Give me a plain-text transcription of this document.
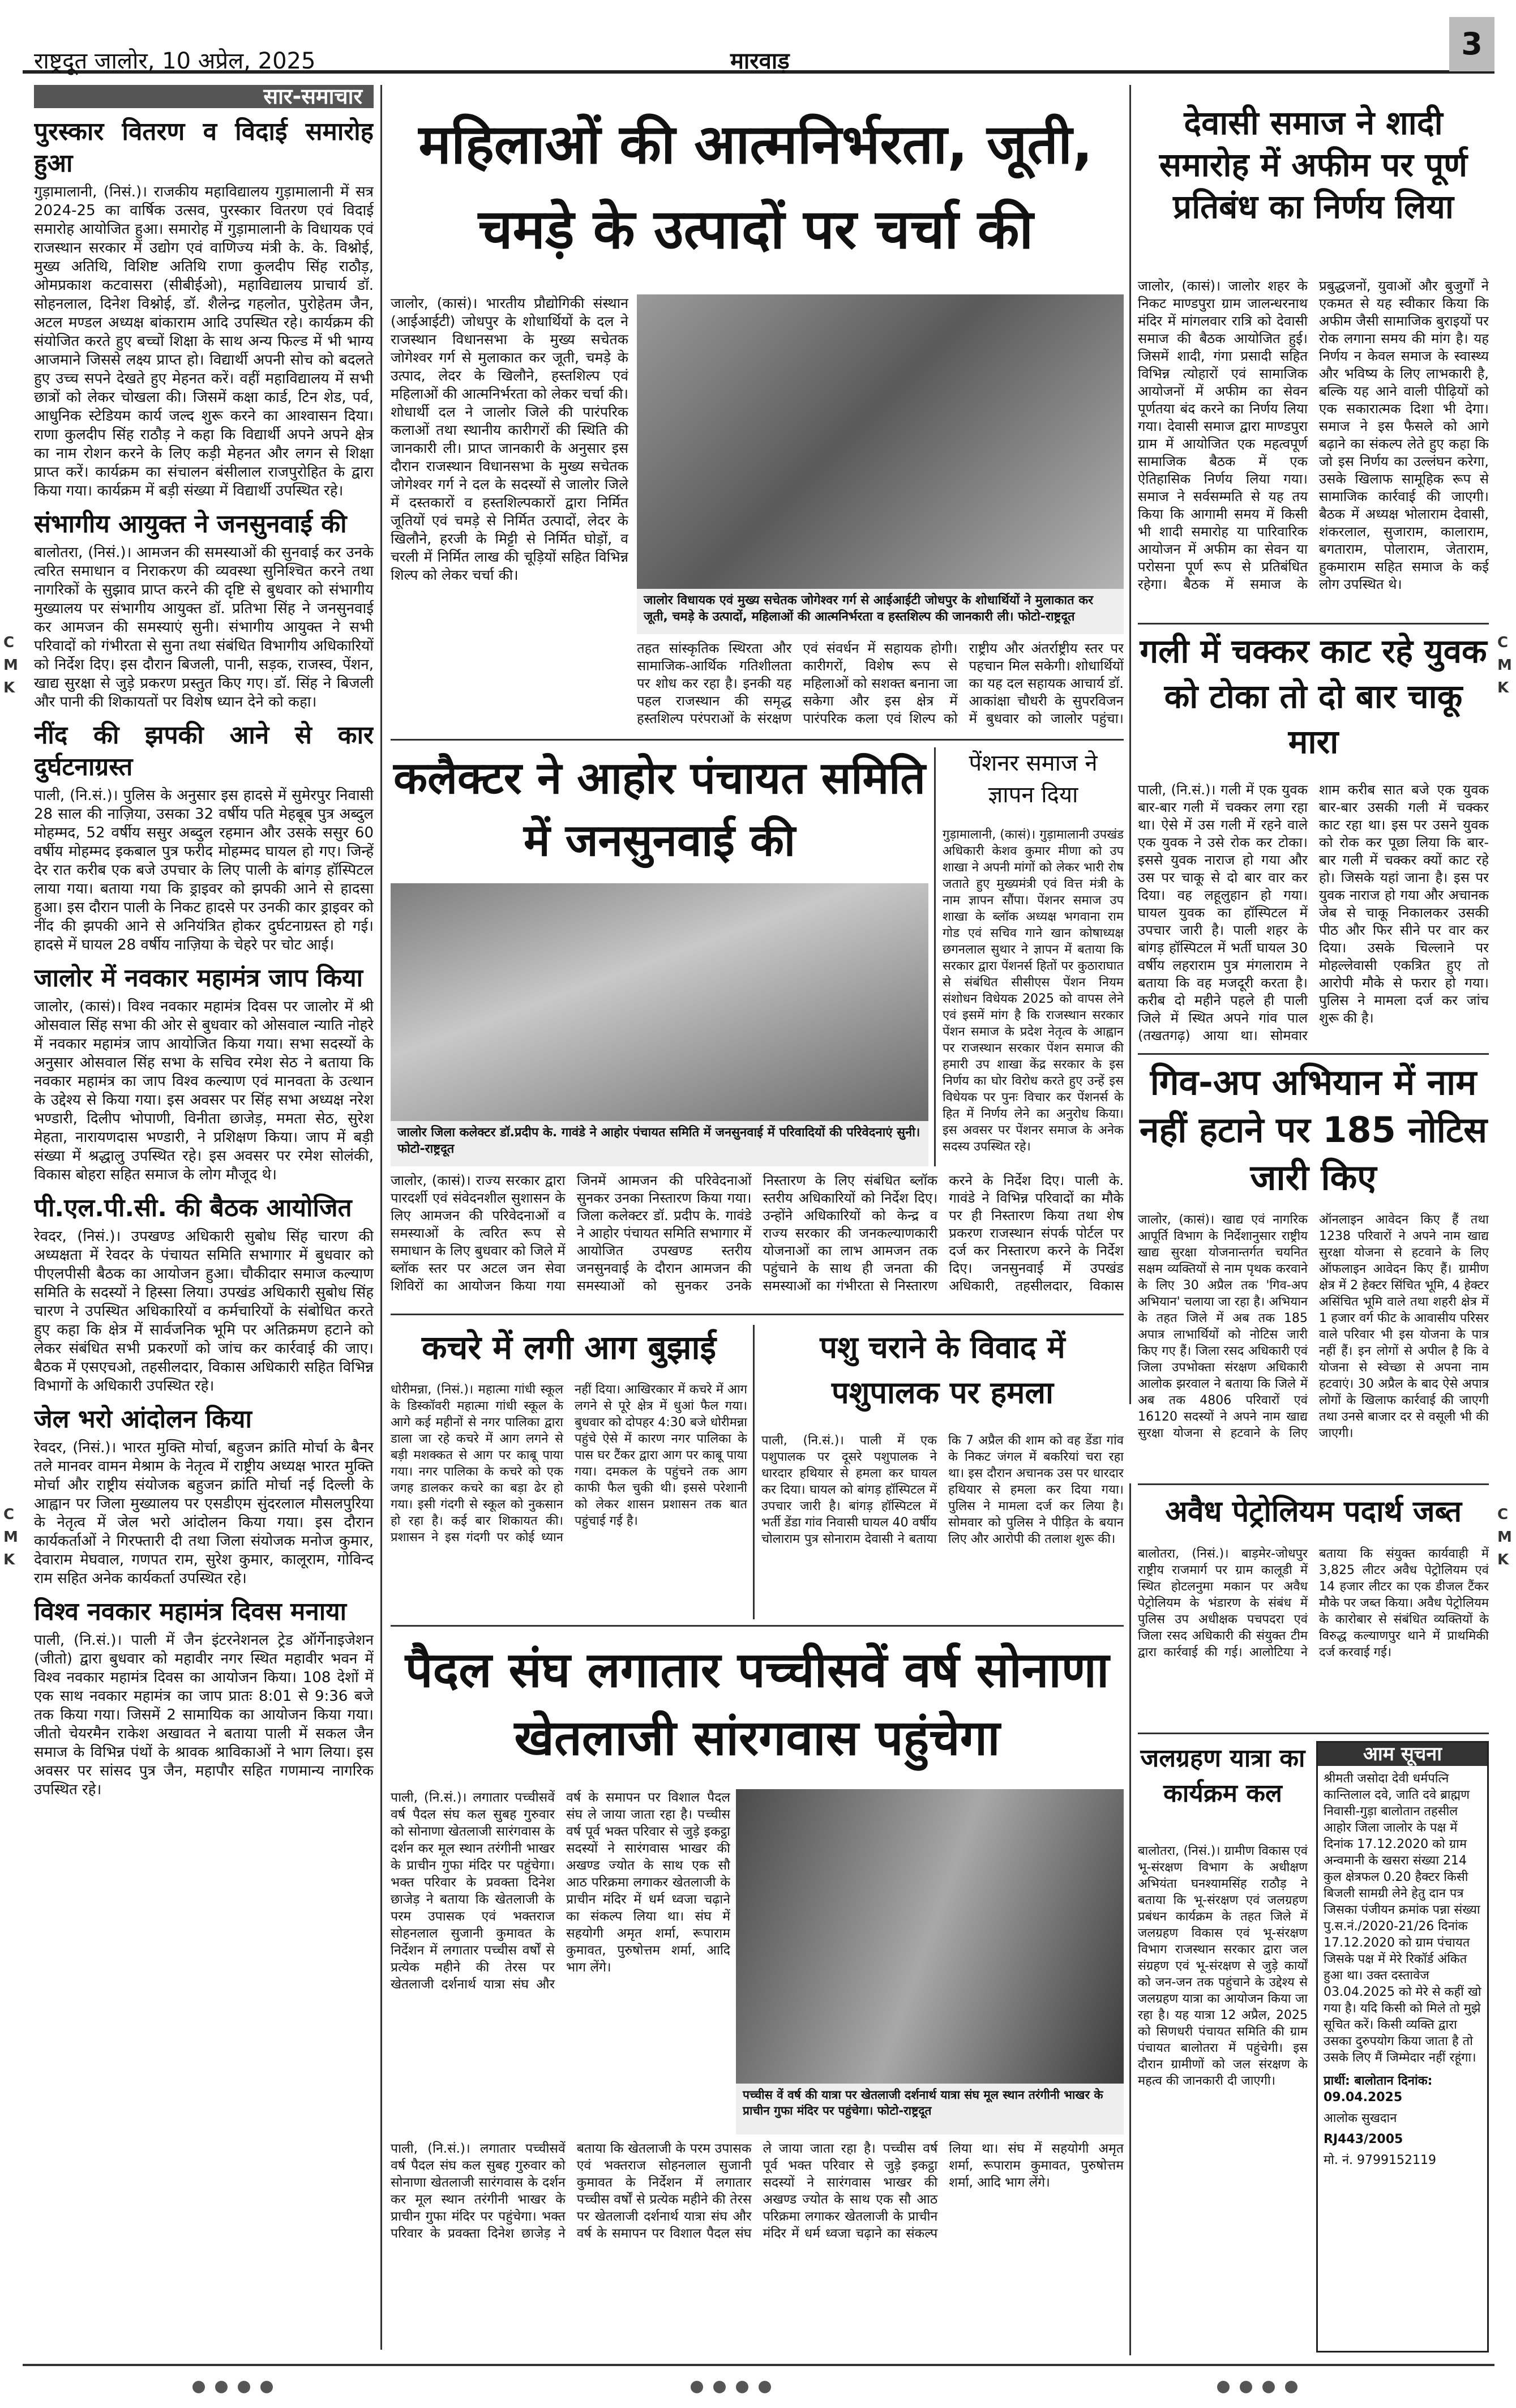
राष्ट्रदूत जालोर, 10 अप्रेल, 2025	मारवाड़	3
C
M
K
C
M
K
C
M
K
C
M
K
सार-समाचार
पुरस्कार वितरण व विदाई समारोह हुआ

गुड़ामालानी, (निसं.)। राजकीय महाविद्यालय गुड़ामालानी में सत्र 2024-25 का वार्षिक उत्सव, पुरस्कार वितरण एवं विदाई समारोह आयोजित हुआ। समारोह में गुड़ामालानी के विधायक एवं राजस्थान सरकार में उद्योग एवं वाणिज्य मंत्री के. के. विश्नोई, मुख्य अतिथि, विशिष्ट अतिथि राणा कुलदीप सिंह राठौड़, ओमप्रकाश कटवासरा (सीबीईओ), महाविद्यालय प्राचार्य डॉ. सोहनलाल, दिनेश विश्नोई, डॉ. शैलेन्द्र गहलोत, पुरोहेतम जैन, अटल मण्डल अध्यक्ष बांकाराम आदि उपस्थित रहे। कार्यक्रम की संयोजित करते हुए बच्चों शिक्षा के साथ अन्य फिल्ड में भी भाग्य आजमाने जिससे लक्ष्य प्राप्त हो। विद्यार्थी अपनी सोच को बदलते हुए उच्च सपने देखते हुए मेहनत करें। वहीं महाविद्यालय में सभी छात्रों को लेकर चोखला की। जिसमें कक्षा कार्ड, टिन शेड, पर्व, आधुनिक स्टेडियम कार्य जल्द शुरू करने का आश्वासन दिया। राणा कुलदीप सिंह राठौड़ ने कहा कि विद्यार्थी अपने अपने क्षेत्र का नाम रोशन करने के लिए कड़ी मेहनत और लगन से शिक्षा प्राप्त करें। कार्यक्रम का संचालन बंसीलाल राजपुरोहित के द्वारा किया गया। कार्यक्रम में बड़ी संख्या में विद्यार्थी उपस्थित रहे।

संभागीय आयुक्त ने जनसुनवाई की

बालोतरा, (निसं.)। आमजन की समस्याओं की सुनवाई कर उनके त्वरित समाधान व निराकरण की व्यवस्था सुनिश्चित करने तथा नागरिकों के सुझाव प्राप्त करने की दृष्टि से बुधवार को संभागीय मुख्यालय पर संभागीय आयुक्त डॉ. प्रतिभा सिंह ने जनसुनवाई कर आमजन की समस्याएं सुनी। संभागीय आयुक्त ने सभी परिवादों को गंभीरता से सुना तथा संबंधित विभागीय अधिकारियों को निर्देश दिए। इस दौरान बिजली, पानी, सड़क, राजस्व, पेंशन, खाद्य सुरक्षा से जुड़े प्रकरण प्रस्तुत किए गए। डॉ. सिंह ने बिजली और पानी की शिकायतों पर विशेष ध्यान देने को कहा।

नींद की झपकी आने से कार दुर्घटनाग्रस्त

पाली, (नि.सं.)। पुलिस के अनुसार इस हादसे में सुमेरपुर निवासी 28 साल की नाज़िया, उसका 32 वर्षीय पति मेहबूब पुत्र अब्दुल मोहम्मद, 52 वर्षीय ससुर अब्दुल रहमान और उसके ससुर 60 वर्षीय मोहम्मद इकबाल पुत्र फरीद मोहम्मद घायल हो गए। जिन्हें देर रात करीब एक बजे उपचार के लिए पाली के बांगड़ हॉस्पिटल लाया गया। बताया गया कि ड्राइवर को झपकी आने से हादसा हुआ। इस दौरान पाली के निकट हादसे पर उनकी कार ड्राइवर को नींद की झपकी आने से अनियंत्रित होकर दुर्घटनाग्रस्त हो गई। हादसे में घायल 28 वर्षीय नाज़िया के चेहरे पर चोट आई।

जालोर में नवकार महामंत्र जाप किया

जालोर, (कासं)। विश्व नवकार महामंत्र दिवस पर जालोर में श्री ओसवाल सिंह सभा की ओर से बुधवार को ओसवाल न्याति नोहरे में नवकार महामंत्र जाप आयोजित किया गया। सभा सदस्यों के अनुसार ओसवाल सिंह सभा के सचिव रमेश सेठ ने बताया कि नवकार महामंत्र का जाप विश्व कल्याण एवं मानवता के उत्थान के उद्देश्य से किया गया। इस अवसर पर सिंह सभा अध्यक्ष नरेश भण्डारी, दिलीप भोपाणी, विनीता छाजेड़, ममता सेठ, सुरेश मेहता, नारायणदास भण्डारी, ने प्रशिक्षण किया। जाप में बड़ी संख्या में श्रद्धालु उपस्थित रहे। इस अवसर पर रमेश सोलंकी, विकास बोहरा सहित समाज के लोग मौजूद थे।

पी.एल.पी.सी. की बैठक आयोजित

रेवदर, (निसं.)। उपखण्ड अधिकारी सुबोध सिंह चारण की अध्यक्षता में रेवदर के पंचायत समिति सभागार में बुधवार को पीएलपीसी बैठक का आयोजन हुआ। चौकीदार समाज कल्याण समिति के सदस्यों ने हिस्सा लिया। उपखंड अधिकारी सुबोध सिंह चारण ने उपस्थित अधिकारियों व कर्मचारियों के संबोधित करते हुए कहा कि क्षेत्र में सार्वजनिक भूमि पर अतिक्रमण हटाने को लेकर संबंधित सभी प्रकरणों को जांच कर कार्रवाई की जाए। बैठक में एसएचओ, तहसीलदार, विकास अधिकारी सहित विभिन्न विभागों के अधिकारी उपस्थित रहे।

जेल भरो आंदोलन किया

रेवदर, (निसं.)। भारत मुक्ति मोर्चा, बहुजन क्रांति मोर्चा के बैनर तले मानवर वामन मेश्राम के नेतृत्व में राष्ट्रीय अध्यक्ष भारत मुक्ति मोर्चा और राष्ट्रीय संयोजक बहुजन क्रांति मोर्चा नई दिल्ली के आह्वान पर जिला मुख्यालय पर एसडीएम सुंदरलाल मौसलपुरिया के नेतृत्व में जेल भरो आंदोलन किया गया। इस दौरान कार्यकर्ताओं ने गिरफ्तारी दी तथा जिला संयोजक मनोज कुमार, देवाराम मेघवाल, गणपत राम, सुरेश कुमार, कालूराम, गोविन्द राम सहित अनेक कार्यकर्ता उपस्थित रहे।

विश्व नवकार महामंत्र दिवस मनाया

पाली, (नि.सं.)। पाली में जैन इंटरनेशनल ट्रेड ऑर्गेनाइजेशन (जीतो) द्वारा बुधवार को महावीर नगर स्थित महावीर भवन में विश्व नवकार महामंत्र दिवस का आयोजन किया। 108 देशों में एक साथ नवकार महामंत्र का जाप प्रातः 8:01 से 9:36 बजे तक किया गया। जिसमें 2 सामायिक का आयोजन किया गया। जीतो चेयरमैन राकेश अखावत ने बताया पाली में सकल जैन समाज के विभिन्न पंथों के श्रावक श्राविकाओं ने भाग लिया। इस अवसर पर सांसद पुत्र जैन, महापौर सहित गणमान्य नागरिक उपस्थित रहे।

महिलाओं की आत्मनिर्भरता, जूती, चमड़े के उत्पादों पर चर्चा की
जालोर, (कासं)। भारतीय प्रौद्योगिकी संस्थान (आईआईटी) जोधपुर के शोधार्थियों के दल ने राजस्थान विधानसभा के मुख्य सचेतक जोगेश्वर गर्ग से मुलाकात कर जूती, चमड़े के उत्पाद, लेदर के खिलौने, हस्तशिल्प एवं महिलाओं की आत्मनिर्भरता को लेकर चर्चा की। शोधार्थी दल ने जालोर जिले की पारंपरिक कलाओं तथा स्थानीय कारीगरों की स्थिति की जानकारी ली। प्राप्त जानकारी के अनुसार इस दौरान राजस्थान विधानसभा के मुख्य सचेतक जोगेश्वर गर्ग ने दल के सदस्यों से जालोर जिले में दस्तकारों व हस्तशिल्पकारों द्वारा निर्मित जूतियों एवं चमड़े से निर्मित उत्पादों, लेदर के खिलौने, हरजी के मिट्टी से निर्मित घोड़ों, व चरली में निर्मित लाख की चूड़ियों सहित विभिन्न शिल्प को लेकर चर्चा की।
जालोर विधायक एवं मुख्य सचेतक जोगेश्वर गर्ग से आईआईटी जोधपुर के शोधार्थियों ने मुलाकात कर जूती, चमड़े के उत्पादों, महिलाओं की आत्मनिर्भरता व हस्तशिल्प की जानकारी ली। फोटो-राष्ट्रदूत
तहत सांस्कृतिक स्थिरता और सामाजिक-आर्थिक गतिशीलता पर शोध कर रहा है। इनकी यह पहल राजस्थान की समृद्ध हस्तशिल्प परंपराओं के संरक्षण एवं संवर्धन में सहायक होगी। कारीगरों, विशेष रूप से महिलाओं को सशक्त बनाना जा सकेगा और इस क्षेत्र में पारंपरिक कला एवं शिल्प को राष्ट्रीय और अंतर्राष्ट्रीय स्तर पर पहचान मिल सकेगी। शोधार्थियों का यह दल सहायक आचार्य डॉ. आकांक्षा चौधरी के सुपरविजन में बुधवार को जालोर पहुंचा।
देवासी समाज ने शादी समारोह में अफीम पर पूर्ण प्रतिबंध का निर्णय लिया
जालोर, (कासं)। जालोर शहर के निकट माण्डपुरा ग्राम जालन्धरनाथ मंदिर में मांगलवार रात्रि को देवासी समाज की बैठक आयोजित हुई। जिसमें शादी, गंगा प्रसादी सहित विभिन्न त्योहारों एवं सामाजिक आयोजनों में अफीम का सेवन पूर्णतया बंद करने का निर्णय लिया गया। देवासी समाज द्वारा माण्डपुरा ग्राम में आयोजित एक महत्वपूर्ण सामाजिक बैठक में एक ऐतिहासिक निर्णय लिया गया। समाज ने सर्वसम्मति से यह तय किया कि आगामी समय में किसी भी शादी समारोह या पारिवारिक आयोजन में अफीम का सेवन या परोसना पूर्ण रूप से प्रतिबंधित रहेगा। बैठक में समाज के प्रबुद्धजनों, युवाओं और बुजुर्गों ने एकमत से यह स्वीकार किया कि अफीम जैसी सामाजिक बुराइयों पर रोक लगाना समय की मांग है। यह निर्णय न केवल समाज के स्वास्थ्य और भविष्य के लिए लाभकारी है, बल्कि यह आने वाली पीढ़ियों को एक सकारात्मक दिशा भी देगा। समाज ने इस फैसले को आगे बढ़ाने का संकल्प लेते हुए कहा कि जो इस निर्णय का उल्लंघन करेगा, उसके खिलाफ सामूहिक रूप से सामाजिक कार्रवाई की जाएगी। बैठक में अध्यक्ष भोलाराम देवासी, शंकरलाल, सुजाराम, कालाराम, बगताराम, पोलाराम, जेताराम, हुकमाराम सहित समाज के कई लोग उपस्थित थे।
गली में चक्कर काट रहे युवक को टोका तो दो बार चाकू मारा
पाली, (नि.सं.)। गली में एक युवक बार-बार गली में चक्कर लगा रहा था। ऐसे में उस गली में रहने वाले एक युवक ने उसे रोक कर टोका। इससे युवक नाराज हो गया और उस पर चाकू से दो बार वार कर दिया। वह लहूलुहान हो गया। घायल युवक का हॉस्पिटल में उपचार जारी है। पाली शहर के बांगड़ हॉस्पिटल में भर्ती घायल 30 वर्षीय लहराराम पुत्र मंगलाराम ने बताया कि वह मजदूरी करता है। करीब दो महीने पहले ही पाली जिले में स्थित अपने गांव पाल (तखतगढ़) आया था। सोमवार शाम करीब सात बजे एक युवक बार-बार उसकी गली में चक्कर काट रहा था। इस पर उसने युवक को रोक कर पूछा लिया कि बार-बार गली में चक्कर क्यों काट रहे हो। जिसके यहां जाना है। इस पर युवक नाराज हो गया और अचानक जेब से चाकू निकालकर उसकी पीठ और फिर सीने पर वार कर दिया। उसके चिल्लाने पर मोहल्लेवासी एकत्रित हुए तो आरोपी मौके से फरार हो गया। पुलिस ने मामला दर्ज कर जांच शुरू की है।
गिव-अप अभियान में नाम नहीं हटाने पर 185 नोटिस जारी किए
जालोर, (कासं)। खाद्य एवं नागरिक आपूर्ति विभाग के निर्देशानुसार राष्ट्रीय खाद्य सुरक्षा योजनान्तर्गत चयनित सक्षम व्यक्तियों से नाम पृथक करवाने के लिए 30 अप्रैल तक 'गिव-अप अभियान' चलाया जा रहा है। अभियान के तहत जिले में अब तक 185 अपात्र लाभार्थियों को नोटिस जारी किए गए हैं। जिला रसद अधिकारी एवं जिला उपभोक्ता संरक्षण अधिकारी आलोक झरवाल ने बताया कि जिले में अब तक 4806 परिवारों एवं 16120 सदस्यों ने अपने नाम खाद्य सुरक्षा योजना से हटवाने के लिए ऑनलाइन आवेदन किए हैं तथा 1238 परिवारों ने अपने नाम खाद्य सुरक्षा योजना से हटवाने के लिए ऑफलाइन आवेदन किए हैं। ग्रामीण क्षेत्र में 2 हेक्टर सिंचित भूमि, 4 हेक्टर असिंचित भूमि वाले तथा शहरी क्षेत्र में 1 हजार वर्ग फीट के आवासीय परिसर वाले परिवार भी इस योजना के पात्र नहीं हैं। इन लोगों से अपील है कि वे योजना से स्वेच्छा से अपना नाम हटवाएं। 30 अप्रैल के बाद ऐसे अपात्र लोगों के खिलाफ कार्रवाई की जाएगी तथा उनसे बाजार दर से वसूली भी की जाएगी।
कलैक्टर ने आहोर पंचायत समिति में जनसुनवाई की
जालोर जिला कलेक्टर डॉ.प्रदीप के. गावंडे ने आहोर पंचायत समिति में जनसुनवाई में परिवादियों की परिवेदनाएं सुनी। फोटो-राष्ट्रदूत
जालोर, (कासं)। राज्य सरकार द्वारा पारदर्शी एवं संवेदनशील सुशासन के लिए आमजन की परिवेदनाओं व समस्याओं के त्वरित रूप से समाधान के लिए बुधवार को जिले में ब्लॉक स्तर पर अटल जन सेवा शिविरों का आयोजन किया गया जिनमें आमजन की परिवेदनाओं सुनकर उनका निस्तारण किया गया। जिला कलेक्टर डॉ. प्रदीप के. गावंडे ने आहोर पंचायत समिति सभागार में आयोजित उपखण्ड स्तरीय जनसुनवाई के दौरान आमजन की समस्याओं को सुनकर उनके निस्तारण के लिए संबंधित ब्लॉक स्तरीय अधिकारियों को निर्देश दिए। उन्होंने अधिकारियों को केन्द्र व राज्य सरकार की जनकल्याणकारी योजनाओं का लाभ आमजन तक पहुंचाने के साथ ही जनता की समस्याओं का गंभीरता से निस्तारण करने के निर्देश दिए। पाली के. गावंडे ने विभिन्न परिवादों का मौके पर ही निस्तारण किया तथा शेष प्रकरण राजस्थान संपर्क पोर्टल पर दर्ज कर निस्तारण करने के निर्देश दिए। जनसुनवाई में उपखंड अधिकारी, तहसीलदार, विकास
पेंशनर समाज ने ज्ञापन दिया
गुड़ामालानी, (कासं)। गुड़ामालानी उपखंड अधिकारी केशव कुमार मीणा को उप शाखा ने अपनी मांगों को लेकर भारी रोष जताते हुए मुख्यमंत्री एवं वित्त मंत्री के नाम ज्ञापन सौंपा। पेंशनर समाज उप शाखा के ब्लॉक अध्यक्ष भगवाना राम गोड एवं सचिव गाने खान कोषाध्यक्ष छगनलाल सुथार ने ज्ञापन में बताया कि सरकार द्वारा पेंशनर्स हितों पर कुठाराघात से संबंधित सीसीएस पेंशन नियम संशोधन विधेयक 2025 को वापस लेने एवं इसमें मांग है कि राजस्थान सरकार पेंशन समाज के प्रदेश नेतृत्व के आह्वान पर राजस्थान सरकार पेंशन समाज की हमारी उप शाखा केंद्र सरकार के इस निर्णय का घोर विरोध करते हुए उन्हें इस विधेयक पर पुनः विचार कर पेंशनर्स के हित में निर्णय लेने का अनुरोध किया। इस अवसर पर पेंशनर समाज के अनेक सदस्य उपस्थित रहे।
कचरे में लगी आग बुझाई
धोरीमन्ना, (निसं.)। महात्मा गांधी स्कूल के डिस्कॉवरी महात्मा गांधी स्कूल के आगे कई महीनों से नगर पालिका द्वारा डाला जा रहे कचरे में आग लगने से बड़ी मशक्कत से आग पर काबू पाया गया। नगर पालिका के कचरे को एक जगह डालकर कचरे का बड़ा ढेर हो गया। इसी गंदगी से स्कूल को नुकसान हो रहा है। कई बार शिकायत की। प्रशासन ने इस गंदगी पर कोई ध्यान नहीं दिया। आखिरकार में कचरे में आग लगने से पूरे क्षेत्र में धुआं फैल गया। बुधवार को दोपहर 4:30 बजे धोरीमन्ना पहुंचे ऐसे में कारण नगर पालिका के पास घर टैंकर द्वारा आग पर काबू पाया गया। दमकल के पहुंचने तक आग काफी फैल चुकी थी। इससे परेशानी को लेकर शासन प्रशासन तक बात पहुंचाई गई है।
पशु चराने के विवाद में पशुपालक पर हमला
पाली, (नि.सं.)। पाली में एक पशुपालक पर दूसरे पशुपालक ने धारदार हथियार से हमला कर घायल कर दिया। घायल को बांगड़ हॉस्पिटल में उपचार जारी है। बांगड़ हॉस्पिटल में भर्ती डेंडा गांव निवासी घायल 40 वर्षीय चोलाराम पुत्र सोनाराम देवासी ने बताया कि 7 अप्रैल की शाम को वह डेंडा गांव के निकट जंगल में बकरियां चरा रहा था। इस दौरान अचानक उस पर धारदार हथियार से हमला कर दिया गया। पुलिस ने मामला दर्ज कर लिया है। सोमवार को पुलिस ने पीड़ित के बयान लिए और आरोपी की तलाश शुरू की।
पैदल संघ लगातार पच्चीसवें वर्ष सोनाणा खेतलाजी सांरगवास पहुंचेगा
पाली, (नि.सं.)। लगातार पच्चीसवें वर्ष पैदल संघ कल सुबह गुरुवार को सोनाणा खेतलाजी सारंगवास के दर्शन कर मूल स्थान तरंगीनी भाखर के प्राचीन गुफा मंदिर पर पहुंचेगा। भक्त परिवार के प्रवक्ता दिनेश छाजेड़ ने बताया कि खेतलाजी के परम उपासक एवं भक्तराज सोहनलाल सुजानी कुमावत के निर्देशन में लगातार पच्चीस वर्षों से प्रत्येक महीने की तेरस पर खेतलाजी दर्शनार्थ यात्रा संघ और वर्ष के समापन पर विशाल पैदल संघ ले जाया जाता रहा है। पच्चीस वर्ष पूर्व भक्त परिवार से जुड़े इकट्ठा सदस्यों ने सारंगवास भाखर की अखण्ड ज्योत के साथ एक सौ आठ परिक्रमा लगाकर खेतलाजी के प्राचीन मंदिर में धर्म ध्वजा चढ़ाने का संकल्प लिया था। संघ में सहयोगी अमृत शर्मा, रूपाराम कुमावत, पुरुषोत्तम शर्मा, आदि भाग लेंगे।
पच्चीस वें वर्ष की यात्रा पर खेतलाजी दर्शनार्थ यात्रा संघ मूल स्थान तरंगीनी भाखर के प्राचीन गुफा मंदिर पर पहुंचेगा। फोटो-राष्ट्रदूत
पाली, (नि.सं.)। लगातार पच्चीसवें वर्ष पैदल संघ कल सुबह गुरुवार को सोनाणा खेतलाजी सारंगवास के दर्शन कर मूल स्थान तरंगीनी भाखर के प्राचीन गुफा मंदिर पर पहुंचेगा। भक्त परिवार के प्रवक्ता दिनेश छाजेड़ ने बताया कि खेतलाजी के परम उपासक एवं भक्तराज सोहनलाल सुजानी कुमावत के निर्देशन में लगातार पच्चीस वर्षों से प्रत्येक महीने की तेरस पर खेतलाजी दर्शनार्थ यात्रा संघ और वर्ष के समापन पर विशाल पैदल संघ ले जाया जाता रहा है। पच्चीस वर्ष पूर्व भक्त परिवार से जुड़े इकट्ठा सदस्यों ने सारंगवास भाखर की अखण्ड ज्योत के साथ एक सौ आठ परिक्रमा लगाकर खेतलाजी के प्राचीन मंदिर में धर्म ध्वजा चढ़ाने का संकल्प लिया था। संघ में सहयोगी अमृत शर्मा, रूपाराम कुमावत, पुरुषोत्तम शर्मा, आदि भाग लेंगे।
अवैध पेट्रोलियम पदार्थ जब्त
बालोतरा, (निसं.)। बाड़मेर-जोधपुर राष्ट्रीय राजमार्ग पर ग्राम कालूडी में स्थित होटलनुमा मकान पर अवैध पेट्रोलियम के भंडारण के संबंध में पुलिस उप अधीक्षक पचपदरा एवं जिला रसद अधिकारी की संयुक्त टीम द्वारा कार्रवाई की गई। आलोटिया ने बताया कि संयुक्त कार्यवाही में 3,825 लीटर अवैध पेट्रोलियम एवं 14 हजार लीटर का एक डीजल टैंकर मौके पर जब्त किया। अवैध पेट्रोलियम के कारोबार से संबंधित व्यक्तियों के विरुद्ध कल्याणपुर थाने में प्राथमिकी दर्ज करवाई गई।
जलग्रहण यात्रा का कार्यक्रम कल
बालोतरा, (निसं.)। ग्रामीण विकास एवं भू-संरक्षण विभाग के अधीक्षण अभियंता घनश्यामसिंह राठौड़ ने बताया कि भू-संरक्षण एवं जलग्रहण प्रबंधन कार्यक्रम के तहत जिले में जलग्रहण विकास एवं भू-संरक्षण विभाग राजस्थान सरकार द्वारा जल संग्रहण एवं भू-संरक्षण से जुड़े कार्यों को जन-जन तक पहुंचाने के उद्देश्य से जलग्रहण यात्रा का आयोजन किया जा रहा है। यह यात्रा 12 अप्रैल, 2025 को सिणधरी पंचायत समिति की ग्राम पंचायत बालोतरा में पहुंचेगी। इस दौरान ग्रामीणों को जल संरक्षण के महत्व की जानकारी दी जाएगी।
आम सूचना
श्रीमती जसोदा देवी धर्मपत्नि कान्तिलाल दवे, जाति दवे ब्राह्मण निवासी-गुड़ा बालोतान तहसील आहोर जिला जालोर के पक्ष में दिनांक 17.12.2020 को ग्राम अन्वमानी के खसरा संख्या 214 कुल क्षेत्रफल 0.20 हैक्टर किसी बिजली सामग्री लेने हेतु दान पत्र जिसका पंजीयन क्रमांक पन्ना संख्या पु.स.नं./2020-21/26 दिनांक 17.12.2020 को ग्राम पंचायत जिसके पक्ष में मेरे रिकॉर्ड अंकित हुआ था। उक्त दस्तावेज 03.04.2025 को मेरे से कहीं खो गया है। यदि किसी को मिले तो मुझे सूचित करें। किसी व्यक्ति द्वारा उसका दुरुपयोग किया जाता है तो उसके लिए मैं जिम्मेदार नहीं रहूंगा।
प्रार्थी: बालोतान दिनांक: 09.04.2025
आलोक सुखदान
RJ443/2005
मो. नं. 9799152119
